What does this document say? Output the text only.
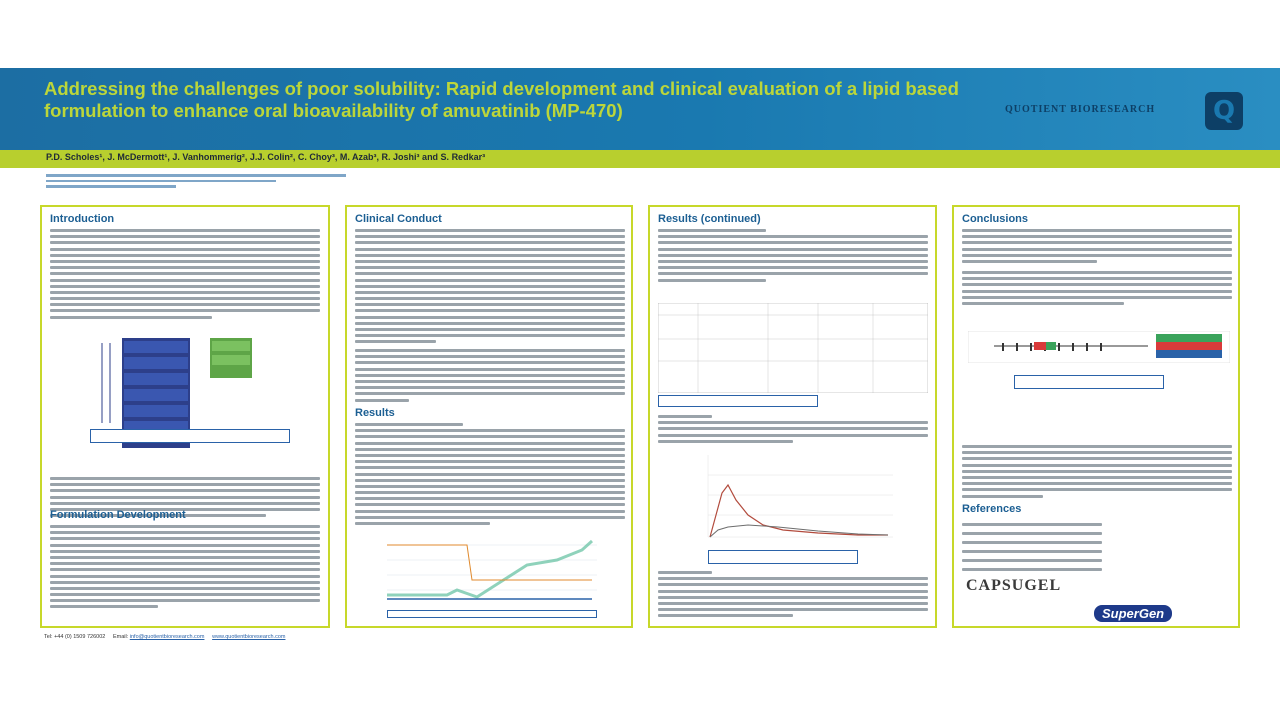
Addressing the challenges of poor solubility: Rapid development and clinical evaluation of a lipid based formulation to enhance oral bioavailability of amuvatinib (MP-470)	QUOTIENT BIORESEARCH	Q
P.D. Scholes¹, J. McDermott¹, J. Vanhommerig², J.J. Colin², C. Choy³, M. Azab³, R. Joshi³ and S. Redkar³
Introduction
Formulation Development
Clinical Conduct
Results
Results (continued)	Conclusions
References
CAPSUGEL
SuperGen
Tel: +44 (0) 1509 726002 Email: info@quotientbioresearch.com www.quotientbioresearch.com
